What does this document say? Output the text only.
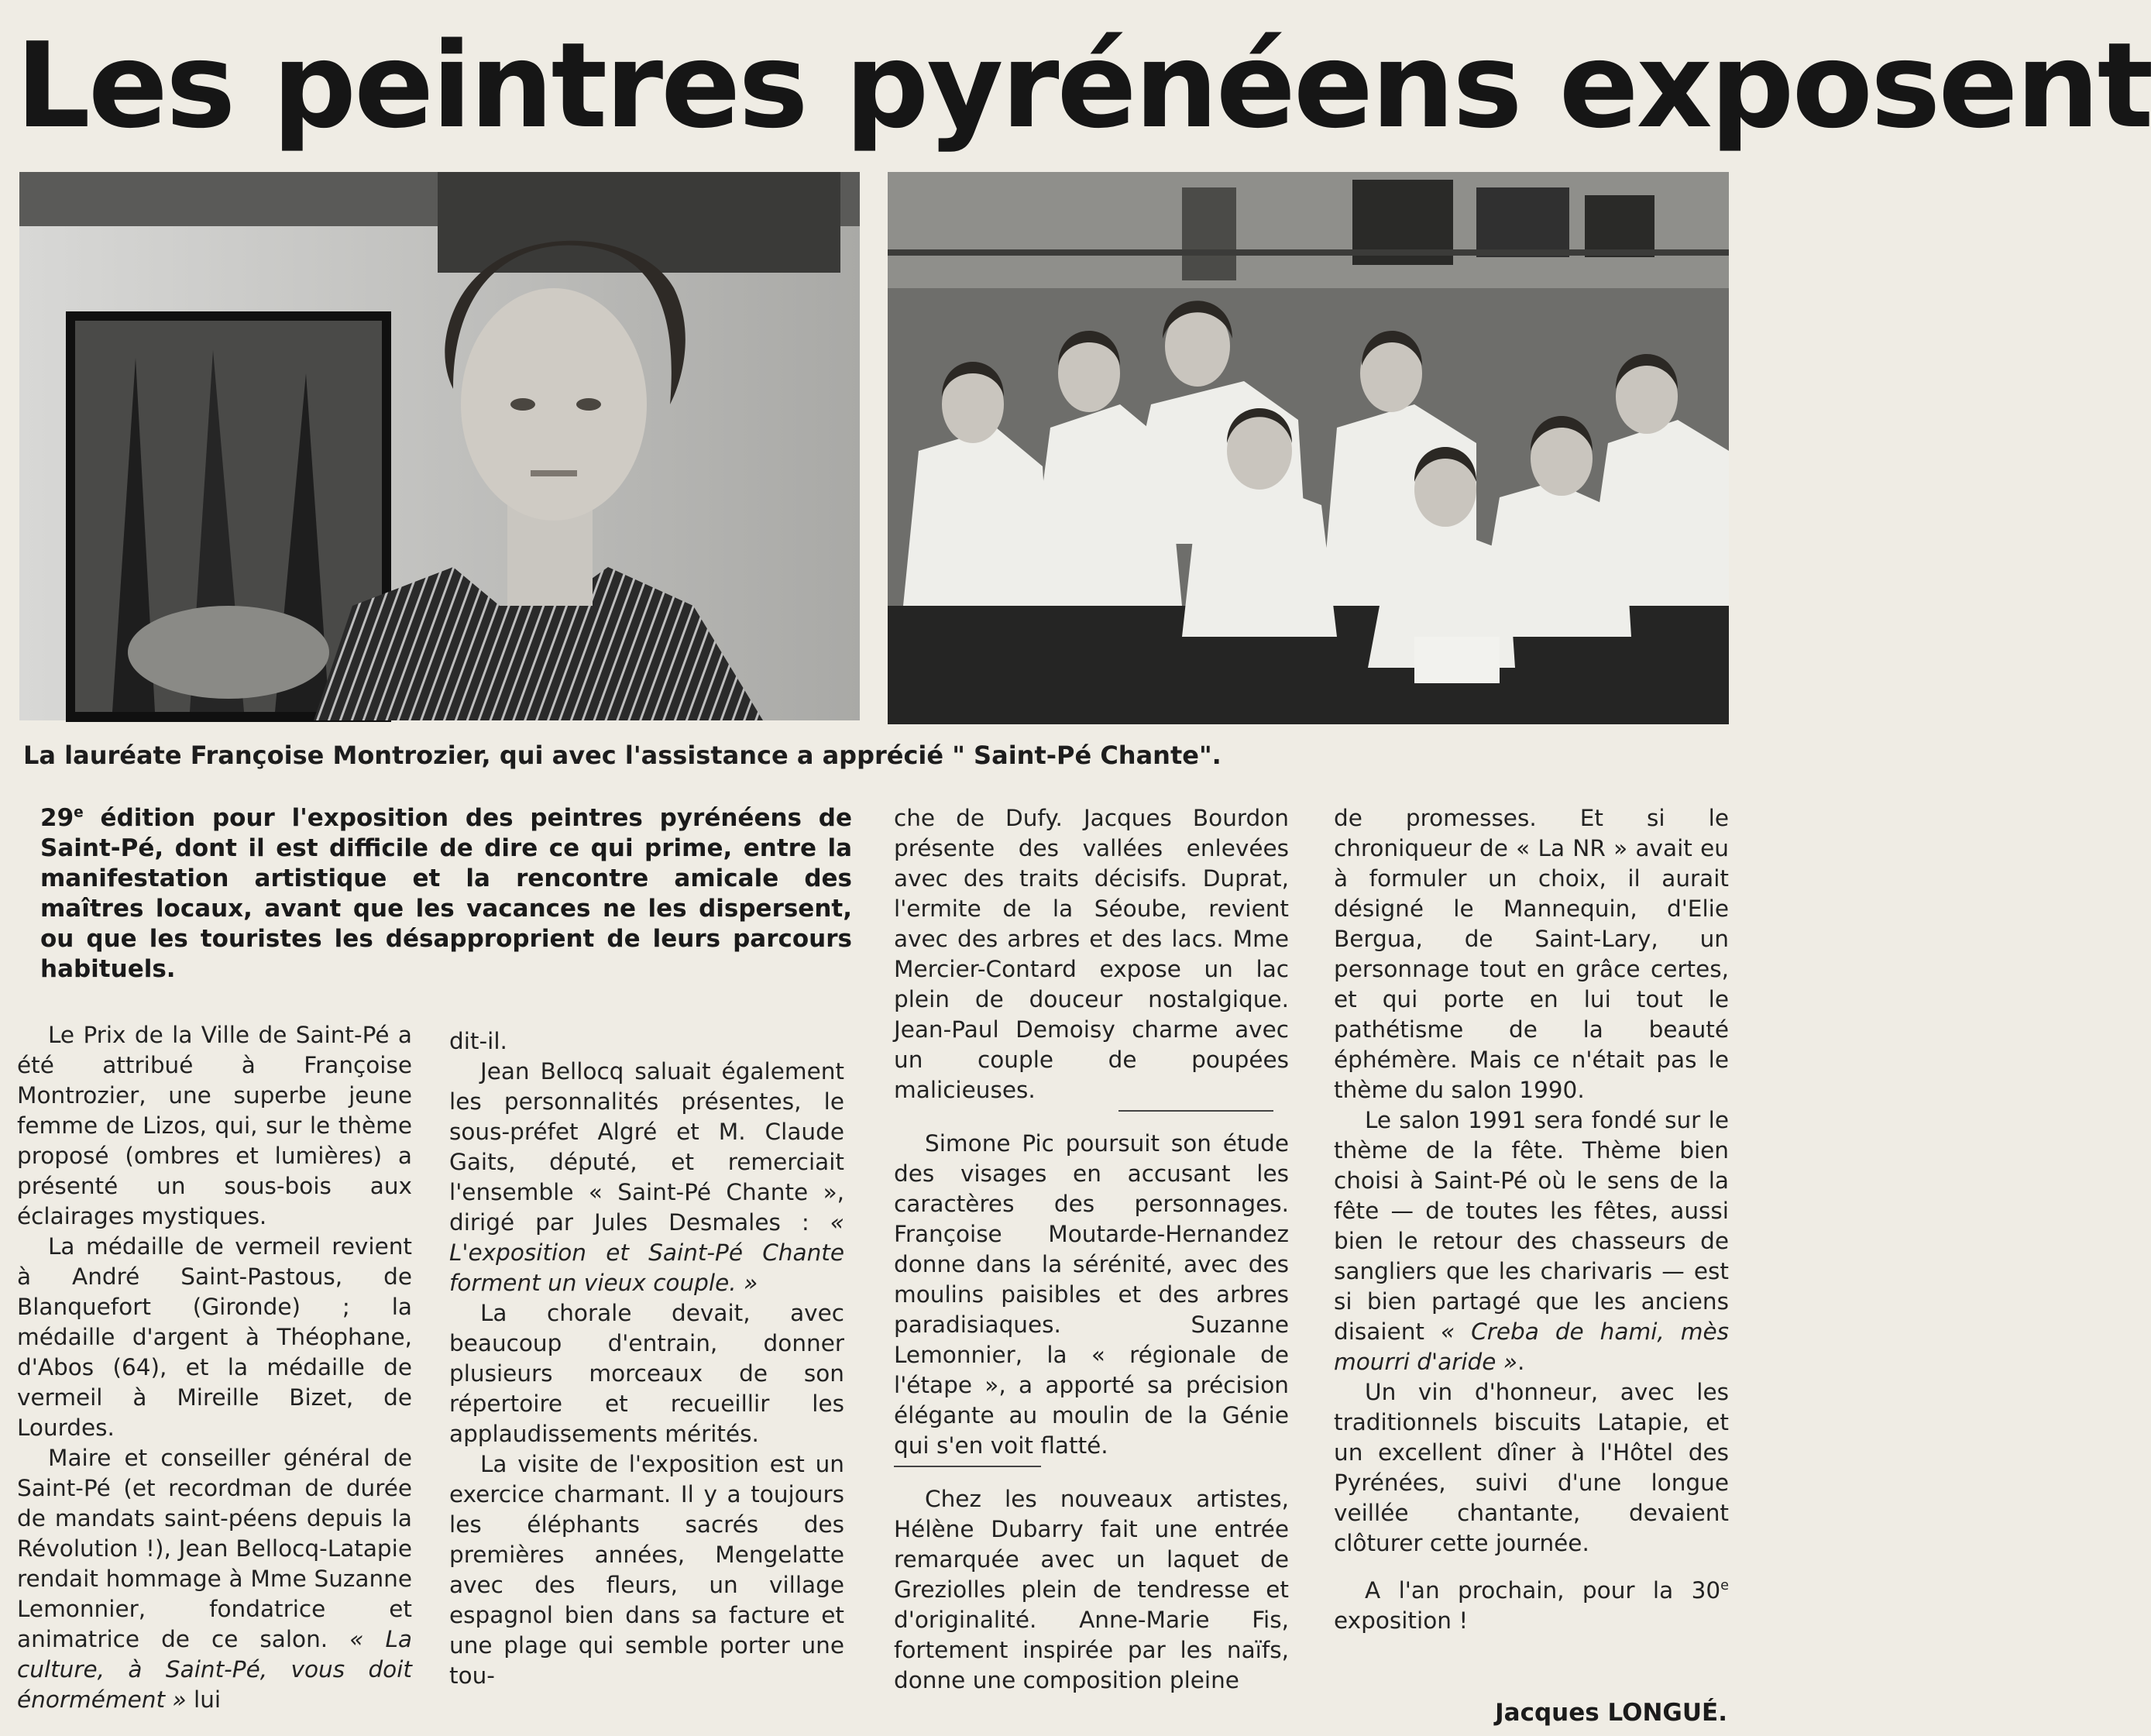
Les peintres pyrénéens exposent

La lauréate Françoise Montrozier, qui avec l'assistance a apprécié " Saint-Pé Chante".

29e édition pour l'exposition des peintres pyrénéens de Saint-Pé, dont il est difficile de dire ce qui prime, entre la manifestation artistique et la rencontre amicale des maîtres locaux, avant que les vacances ne les dispersent, ou que les touristes les désapproprient de leurs parcours habituels.

Le Prix de la Ville de Saint-Pé a été attribué à Françoise Montrozier, une superbe jeune femme de Lizos, qui, sur le thème proposé (ombres et lumières) a présenté un sous-bois aux éclairages mystiques.

La médaille de vermeil revient à André Saint-Pastous, de Blanquefort (Gironde) ; la médaille d'argent à Théophane, d'Abos (64), et la médaille de vermeil à Mireille Bizet, de Lourdes.

Maire et conseiller général de Saint-Pé (et recordman de durée de mandats saint-péens depuis la Révolution !), Jean Bellocq-Latapie rendait hommage à Mme Suzanne Lemonnier, fondatrice et animatrice de ce salon. « La culture, à Saint-Pé, vous doit énormément » lui

dit-il.

Jean Bellocq saluait également les personnalités présentes, le sous-préfet Algré et M. Claude Gaits, député, et remerciait l'ensemble « Saint-Pé Chante », dirigé par Jules Desmales : « L'exposition et Saint-Pé Chante forment un vieux couple. »

La chorale devait, avec beaucoup d'entrain, donner plusieurs morceaux de son répertoire et recueillir les applaudissements mérités.

La visite de l'exposition est un exercice charmant. Il y a toujours les éléphants sacrés des premières années, Mengelatte avec des fleurs, un village espagnol bien dans sa facture et une plage qui semble porter une tou-

che de Dufy. Jacques Bourdon présente des vallées enlevées avec des traits décisifs. Duprat, l'ermite de la Séoube, revient avec des arbres et des lacs. Mme Mercier-Contard expose un lac plein de douceur nostalgique. Jean-Paul Demoisy charme avec un couple de poupées malicieuses.

Simone Pic poursuit son étude des visages en accusant les caractères des personnages. Françoise Moutarde-Hernandez donne dans la sérénité, avec des moulins paisibles et des arbres paradisiaques. Suzanne Lemonnier, la « régionale de l'étape », a apporté sa précision élégante au moulin de la Génie qui s'en voit flatté.

Chez les nouveaux artistes, Hélène Dubarry fait une entrée remarquée avec un laquet de Greziolles plein de tendresse et d'originalité. Anne-Marie Fis, fortement inspirée par les naïfs, donne une composition pleine

de promesses. Et si le chroniqueur de « La NR » avait eu à formuler un choix, il aurait désigné le Mannequin, d'Elie Bergua, de Saint-Lary, un personnage tout en grâce certes, et qui porte en lui tout le pathétisme de la beauté éphémère. Mais ce n'était pas le thème du salon 1990.

Le salon 1991 sera fondé sur le thème de la fête. Thème bien choisi à Saint-Pé où le sens de la fête — de toutes les fêtes, aussi bien le retour des chasseurs de sangliers que les charivaris — est si bien partagé que les anciens disaient « Creba de hami, mès mourri d'aride ».

Un vin d'honneur, avec les traditionnels biscuits Latapie, et un excellent dîner à l'Hôtel des Pyrénées, suivi d'une longue veillée chantante, devaient clôturer cette journée.

A l'an prochain, pour la 30e exposition !

Jacques LONGUÉ.
